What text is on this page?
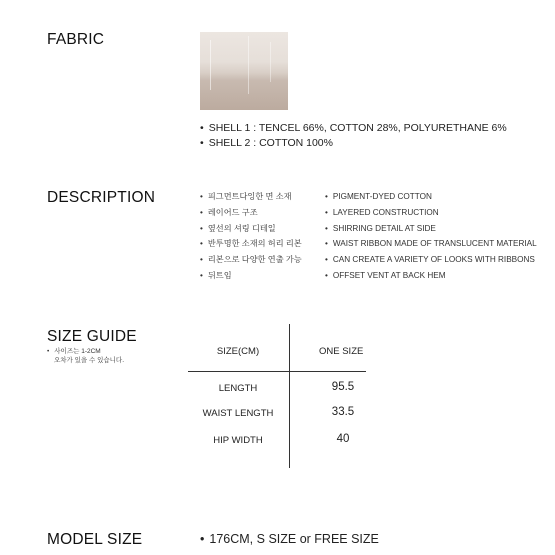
FABRIC
• SHELL 1 : TENCEL 66%, COTTON 28%, POLYURETHANE 6%
• SHELL 2 : COTTON 100%
DESCRIPTION	• 피그먼트다잉한 면 소재
• 레이어드 구조
• 옆선의 셔링 디테일
• 반투명한 소재의 허리 리본
• 리본으로 다양한 연출 가능
• 뒤트임
• PIGMENT-DYED COTTON
• LAYERED CONSTRUCTION
• SHIRRING DETAIL AT SIDE
• WAIST RIBBON MADE OF TRANSLUCENT MATERIAL
• CAN CREATE A VARIETY OF LOOKS WITH RIBBONS
• OFFSET VENT AT BACK HEM
SIZE GUIDE
• 사이즈는 1-2CM
오차가 있을 수 있습니다.
SIZE(CM)	ONE SIZE
LENGTH	95.5
WAIST LENGTH	33.5
HIP WIDTH	40
MODEL SIZE	• 176CM, S SIZE or FREE SIZE
